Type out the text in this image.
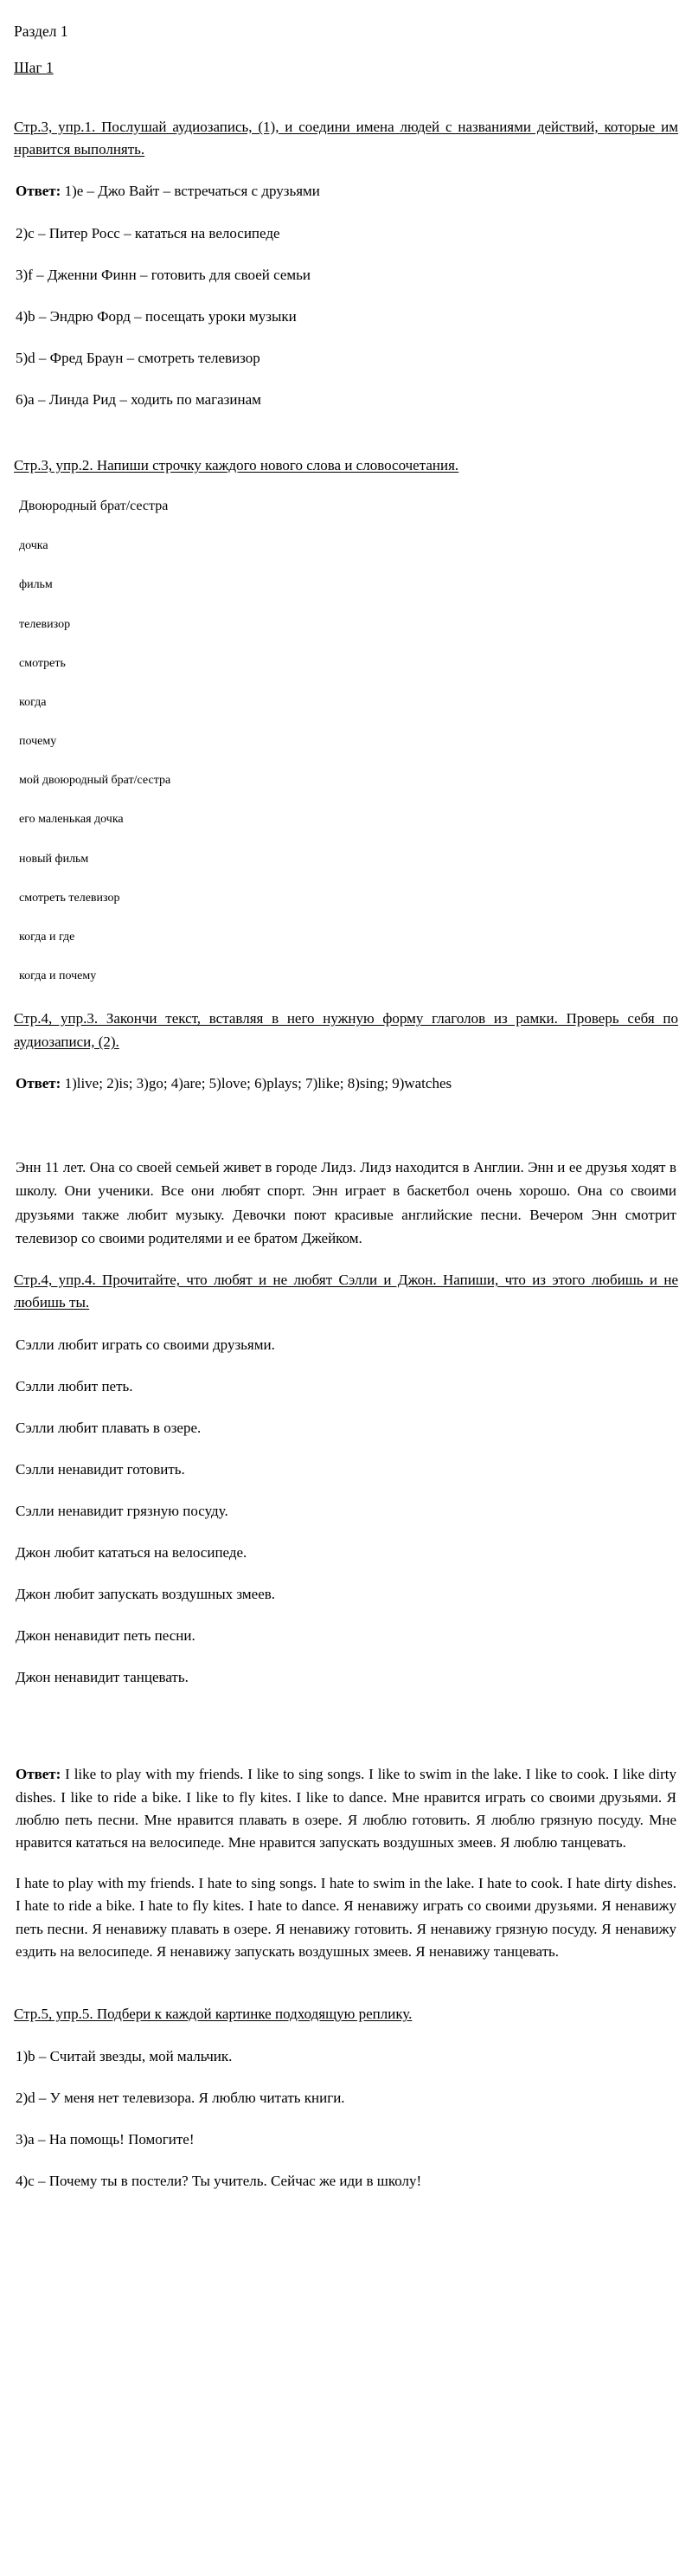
Раздел 1
Шаг 1
Стр.3, упр.1. Послушай аудиозапись, (1), и соедини имена людей с названиями действий, которые им нравится выполнять.
Ответ: 1)e – Джо Вайт – встречаться с друзьями
2)c – Питер Росс – кататься на велосипеде
3)f – Дженни Финн – готовить для своей семьи
4)b – Эндрю Форд – посещать уроки музыки
5)d – Фред Браун – смотреть телевизор
6)a – Линда Рид – ходить по магазинам
Стр.3, упр.2. Напиши строчку каждого нового слова и словосочетания.
Двоюродный брат/сестра
дочка
фильм
телевизор
смотреть
когда
почему
мой двоюродный брат/сестра
его маленькая дочка
новый фильм
смотреть телевизор
когда и где
когда и почему
Стр.4, упр.3. Закончи текст, вставляя в него нужную форму глаголов из рамки. Проверь себя по аудиозаписи, (2).
Ответ: 1)live; 2)is; 3)go; 4)are; 5)love; 6)plays; 7)like; 8)sing; 9)watches
Энн 11 лет. Она со своей семьей живет в городе Лидз. Лидз находится в Англии. Энн и ее друзья ходят в школу. Они ученики. Все они любят спорт. Энн играет в баскетбол очень хорошо. Она со своими друзьями также любит музыку. Девочки поют красивые английские песни. Вечером Энн смотрит телевизор со своими родителями и ее братом Джейком.
Стр.4, упр.4. Прочитайте, что любят и не любят Сэлли и Джон. Напиши, что из этого любишь и не любишь ты.
Сэлли любит играть со своими друзьями.
Сэлли любит петь.
Сэлли любит плавать в озере.
Сэлли ненавидит готовить.
Сэлли ненавидит грязную посуду.
Джон любит кататься на велосипеде.
Джон любит запускать воздушных змеев.
Джон ненавидит петь песни.
Джон ненавидит танцевать.
Ответ: I like to play with my friends. I like to sing songs. I like to swim in the lake. I like to cook. I like dirty dishes. I like to ride a bike. I like to fly kites. I like to dance. Мне нравится играть со своими друзьями. Я люблю петь песни. Мне нравится плавать в озере. Я люблю готовить. Я люблю грязную посуду. Мне нравится кататься на велосипеде. Мне нравится запускать воздушных змеев. Я люблю танцевать.
I hate to play with my friends. I hate to sing songs. I hate to swim in the lake. I hate to cook. I hate dirty dishes. I hate to ride a bike. I hate to fly kites. I hate to dance. Я ненавижу играть со своими друзьями. Я ненавижу петь песни. Я ненавижу плавать в озере. Я ненавижу готовить. Я ненавижу грязную посуду. Я ненавижу ездить на велосипеде. Я ненавижу запускать воздушных змеев. Я ненавижу танцевать.
Стр.5, упр.5. Подбери к каждой картинке подходящую реплику.
1)b – Считай звезды, мой мальчик.
2)d – У меня нет телевизора. Я люблю читать книги.
3)a – На помощь! Помогите!
4)c – Почему ты в постели? Ты учитель. Сейчас же иди в школу!
